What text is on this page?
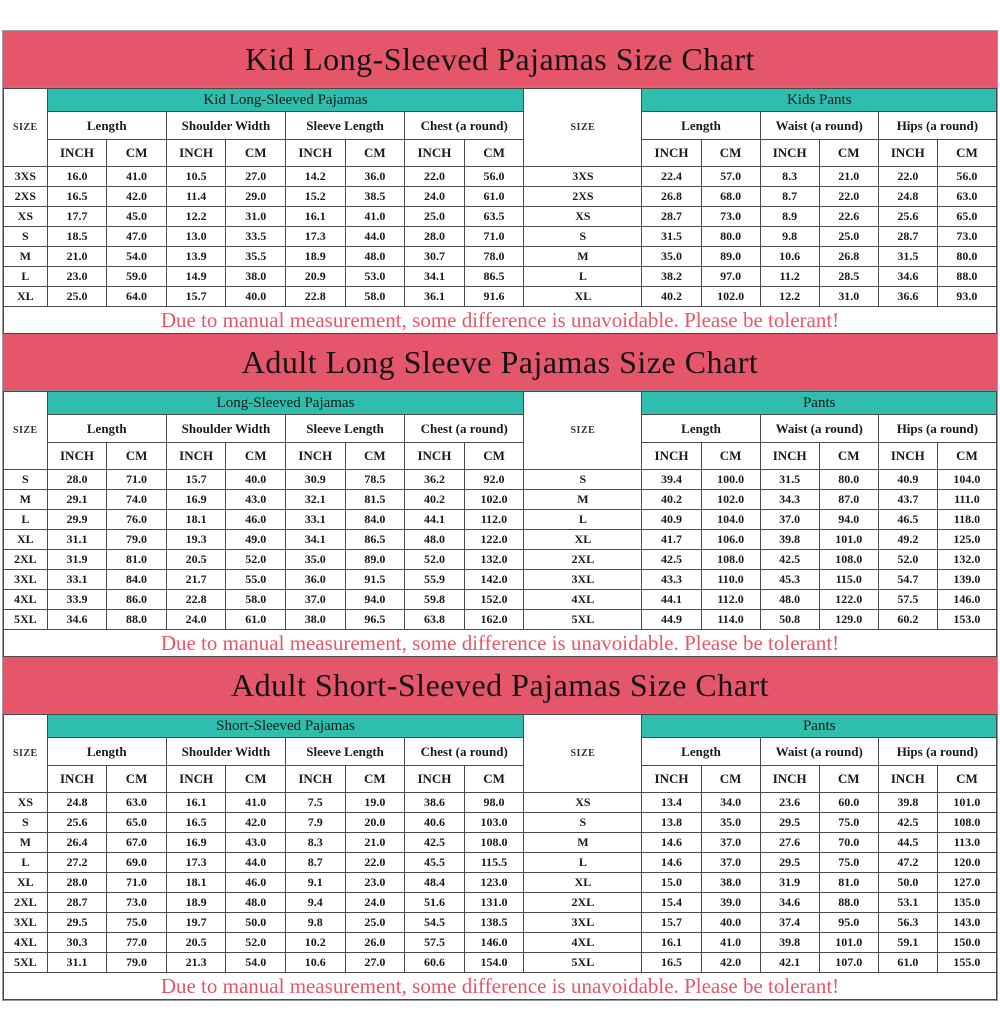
Kid Long-Sleeved Pajamas Size Chart
SIZE	Kid Long-Sleeved Pajamas								SIZE	Kids Pants					
	Length		Shoulder Width		Sleeve Length		Chest (a round)			Length		Waist (a round)		Hips (a round)	
	INCH	CM	INCH	CM	INCH	CM	INCH	CM		INCH	CM	INCH	CM	INCH	CM
3XS	16.0	41.0	10.5	27.0	14.2	36.0	22.0	56.0	3XS	22.4	57.0	8.3	21.0	22.0	56.0
2XS	16.5	42.0	11.4	29.0	15.2	38.5	24.0	61.0	2XS	26.8	68.0	8.7	22.0	24.8	63.0
XS	17.7	45.0	12.2	31.0	16.1	41.0	25.0	63.5	XS	28.7	73.0	8.9	22.6	25.6	65.0
S	18.5	47.0	13.0	33.5	17.3	44.0	28.0	71.0	S	31.5	80.0	9.8	25.0	28.7	73.0
M	21.0	54.0	13.9	35.5	18.9	48.0	30.7	78.0	M	35.0	89.0	10.6	26.8	31.5	80.0
L	23.0	59.0	14.9	38.0	20.9	53.0	34.1	86.5	L	38.2	97.0	11.2	28.5	34.6	88.0
XL	25.0	64.0	15.7	40.0	22.8	58.0	36.1	91.6	XL	40.2	102.0	12.2	31.0	36.6	93.0
Due to manual measurement, some difference is unavoidable. Please be tolerant!															
Adult Long Sleeve Pajamas Size Chart
SIZE	Long-Sleeved Pajamas								SIZE	Pants					
	Length		Shoulder Width		Sleeve Length		Chest (a round)			Length		Waist (a round)		Hips (a round)	
	INCH	CM	INCH	CM	INCH	CM	INCH	CM		INCH	CM	INCH	CM	INCH	CM
S	28.0	71.0	15.7	40.0	30.9	78.5	36.2	92.0	S	39.4	100.0	31.5	80.0	40.9	104.0
M	29.1	74.0	16.9	43.0	32.1	81.5	40.2	102.0	M	40.2	102.0	34.3	87.0	43.7	111.0
L	29.9	76.0	18.1	46.0	33.1	84.0	44.1	112.0	L	40.9	104.0	37.0	94.0	46.5	118.0
XL	31.1	79.0	19.3	49.0	34.1	86.5	48.0	122.0	XL	41.7	106.0	39.8	101.0	49.2	125.0
2XL	31.9	81.0	20.5	52.0	35.0	89.0	52.0	132.0	2XL	42.5	108.0	42.5	108.0	52.0	132.0
3XL	33.1	84.0	21.7	55.0	36.0	91.5	55.9	142.0	3XL	43.3	110.0	45.3	115.0	54.7	139.0
4XL	33.9	86.0	22.8	58.0	37.0	94.0	59.8	152.0	4XL	44.1	112.0	48.0	122.0	57.5	146.0
5XL	34.6	88.0	24.0	61.0	38.0	96.5	63.8	162.0	5XL	44.9	114.0	50.8	129.0	60.2	153.0
Due to manual measurement, some difference is unavoidable. Please be tolerant!															
Adult Short-Sleeved Pajamas Size Chart
SIZE	Short-Sleeved Pajamas								SIZE	Pants					
	Length		Shoulder Width		Sleeve Length		Chest (a round)			Length		Waist (a round)		Hips (a round)	
	INCH	CM	INCH	CM	INCH	CM	INCH	CM		INCH	CM	INCH	CM	INCH	CM
XS	24.8	63.0	16.1	41.0	7.5	19.0	38.6	98.0	XS	13.4	34.0	23.6	60.0	39.8	101.0
S	25.6	65.0	16.5	42.0	7.9	20.0	40.6	103.0	S	13.8	35.0	29.5	75.0	42.5	108.0
M	26.4	67.0	16.9	43.0	8.3	21.0	42.5	108.0	M	14.6	37.0	27.6	70.0	44.5	113.0
L	27.2	69.0	17.3	44.0	8.7	22.0	45.5	115.5	L	14.6	37.0	29.5	75.0	47.2	120.0
XL	28.0	71.0	18.1	46.0	9.1	23.0	48.4	123.0	XL	15.0	38.0	31.9	81.0	50.0	127.0
2XL	28.7	73.0	18.9	48.0	9.4	24.0	51.6	131.0	2XL	15.4	39.0	34.6	88.0	53.1	135.0
3XL	29.5	75.0	19.7	50.0	9.8	25.0	54.5	138.5	3XL	15.7	40.0	37.4	95.0	56.3	143.0
4XL	30.3	77.0	20.5	52.0	10.2	26.0	57.5	146.0	4XL	16.1	41.0	39.8	101.0	59.1	150.0
5XL	31.1	79.0	21.3	54.0	10.6	27.0	60.6	154.0	5XL	16.5	42.0	42.1	107.0	61.0	155.0
Due to manual measurement, some difference is unavoidable. Please be tolerant!															
